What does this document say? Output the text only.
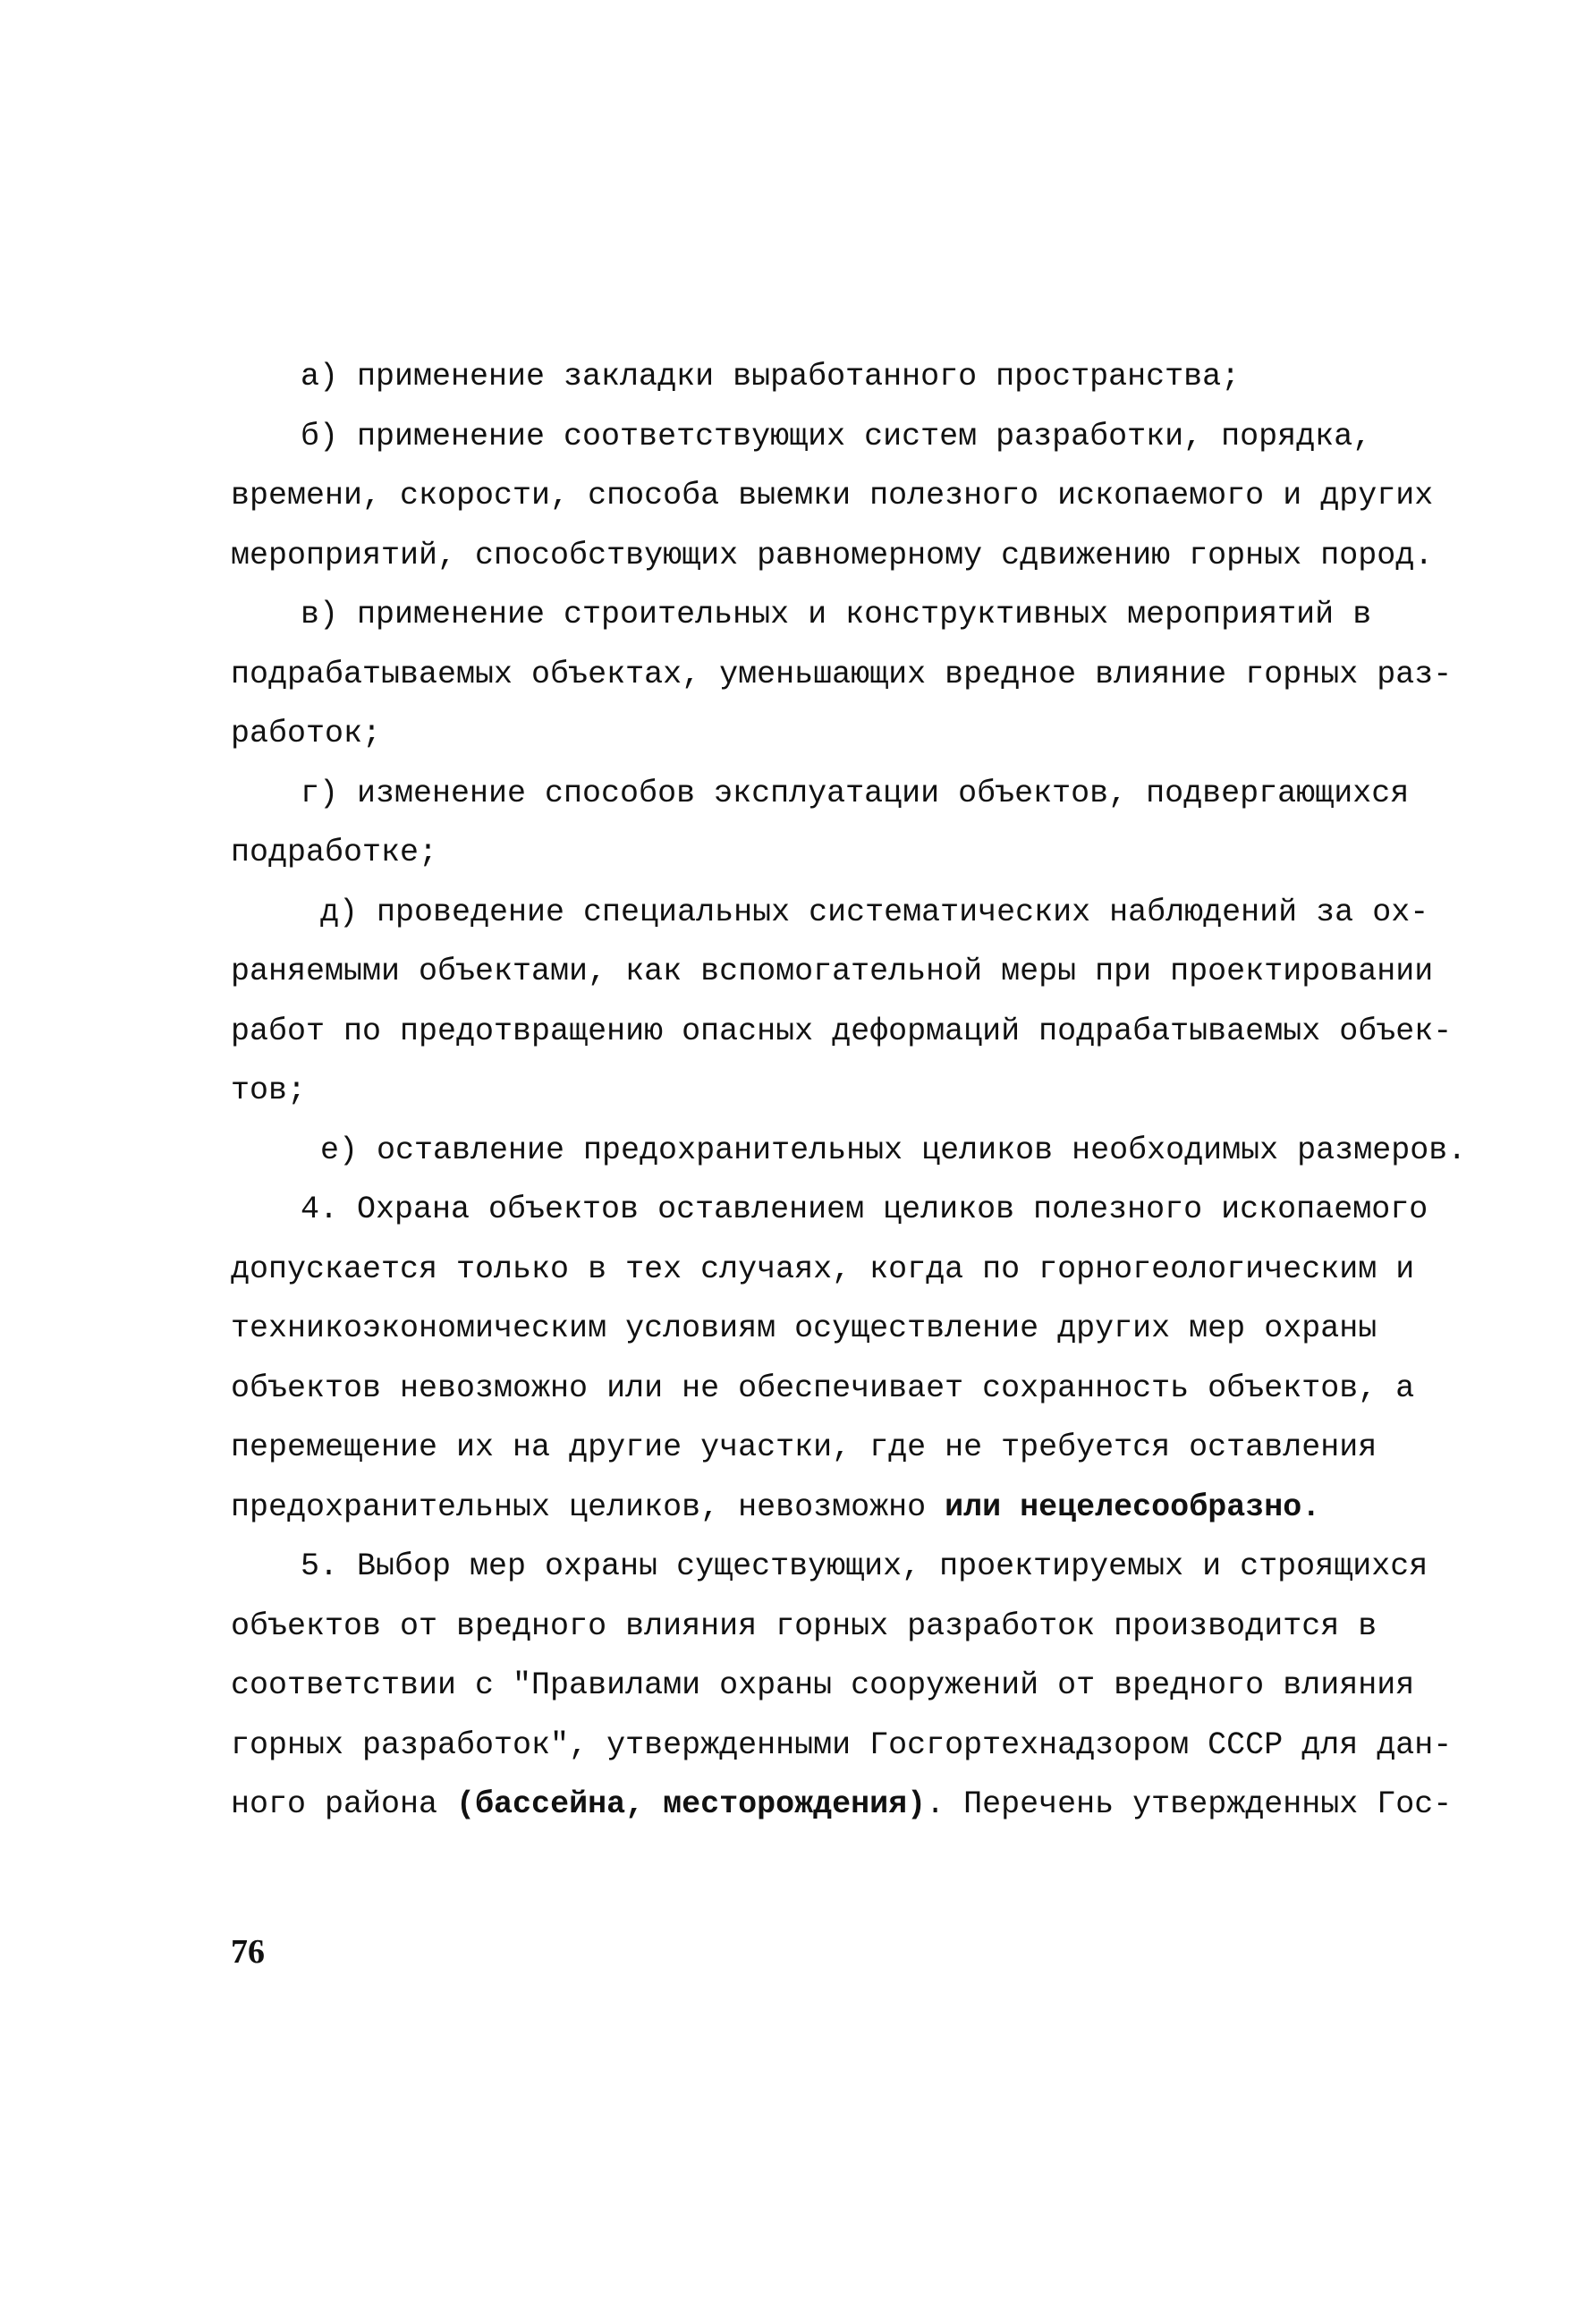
а) применение закладки выработанного пространства;
б) применение соответствующих систем разработки, порядка,
времени, скорости, способа выемки полезного ископаемого и других
мероприятий, способствующих равномерному сдвижению горных пород.
в) применение строительных и конструктивных мероприятий в
подрабатываемых объектах, уменьшающих вредное влияние горных раз-
работок;
г) изменение способов эксплуатации объектов, подвергающихся
подработке;
д) проведение специальных систематических наблюдений за ох-
раняемыми объектами, как вспомогательной меры при проектировании
работ по предотвращению опасных деформаций подрабатываемых объек-
тов;
е) оставление предохранительных целиков необходимых размеров.
4. Охрана объектов оставлением целиков полезного ископаемого
допускается только в тех случаях, когда по горногеологическим и
техникоэкономическим условиям осуществление других мер охраны
объектов невозможно или не обеспечивает сохранность объектов, а
перемещение их на другие участки, где не требуется оставления
предохранительных целиков, невозможно или нецелесообразно.
5. Выбор мер охраны существующих, проектируемых и строящихся
объектов от вредного влияния горных разработок производится в
соответствии с "Правилами охраны сооружений от вредного влияния
горных разработок", утвержденными Госгортехнадзором СССР для дан-
ного района (бассейна, месторождения). Перечень утвержденных Гос-
76
